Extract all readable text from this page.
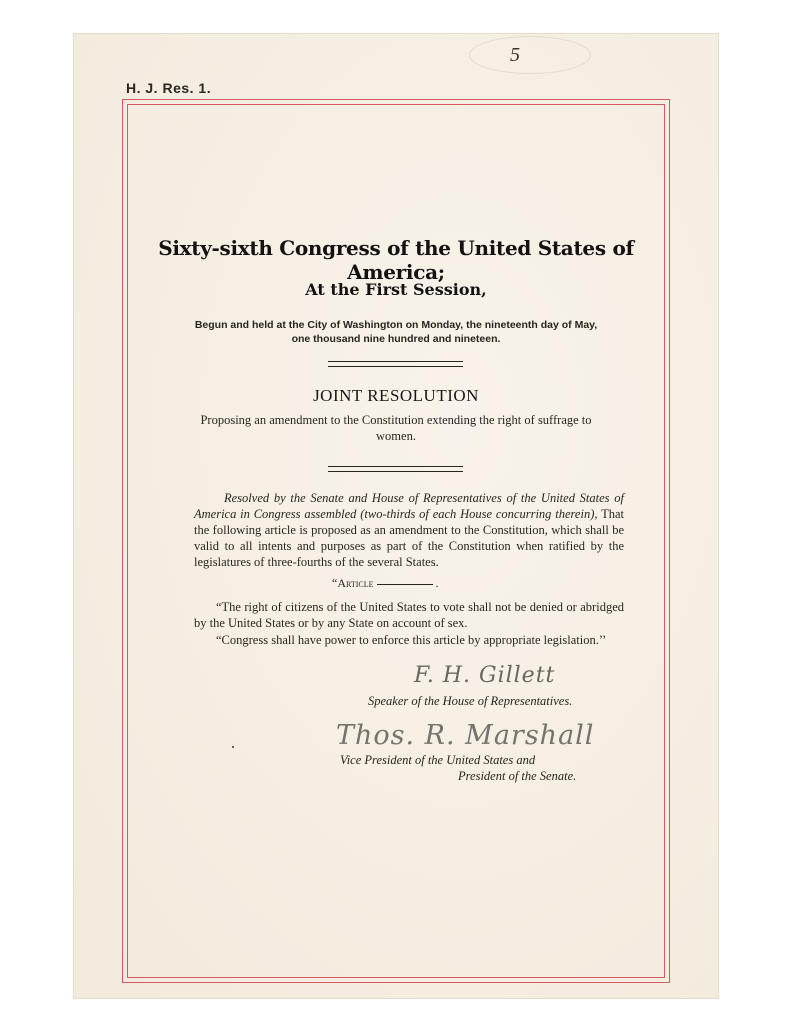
5
H. J. Res. 1.
Sixty-sixth Congress of the United States of America;
At the First Session,
Begun and held at the City of Washington on Monday, the nineteenth day of May,
one thousand nine hundred and nineteen.
JOINT RESOLUTION
Proposing an amendment to the Constitution extending the right of suffrage to women.

Resolved by the Senate and House of Representatives of the United States of America in Congress assembled (two-thirds of each House concurring therein), That the following article is proposed as an amendment to the Constitution, which shall be valid to all intents and purposes as part of the Constitution when ratified by the legislatures of three-fourths of the several States.
“Article	.
“The right of citizens of the United States to vote shall not be denied or abridged by the United States or by any State on account of sex.
“Congress shall have power to enforce this article by appropriate legislation.’’
F. H. Gillett
Speaker of the House of Representatives.
Thos. R. Marshall
Vice President of the United States and
President of the Senate.
